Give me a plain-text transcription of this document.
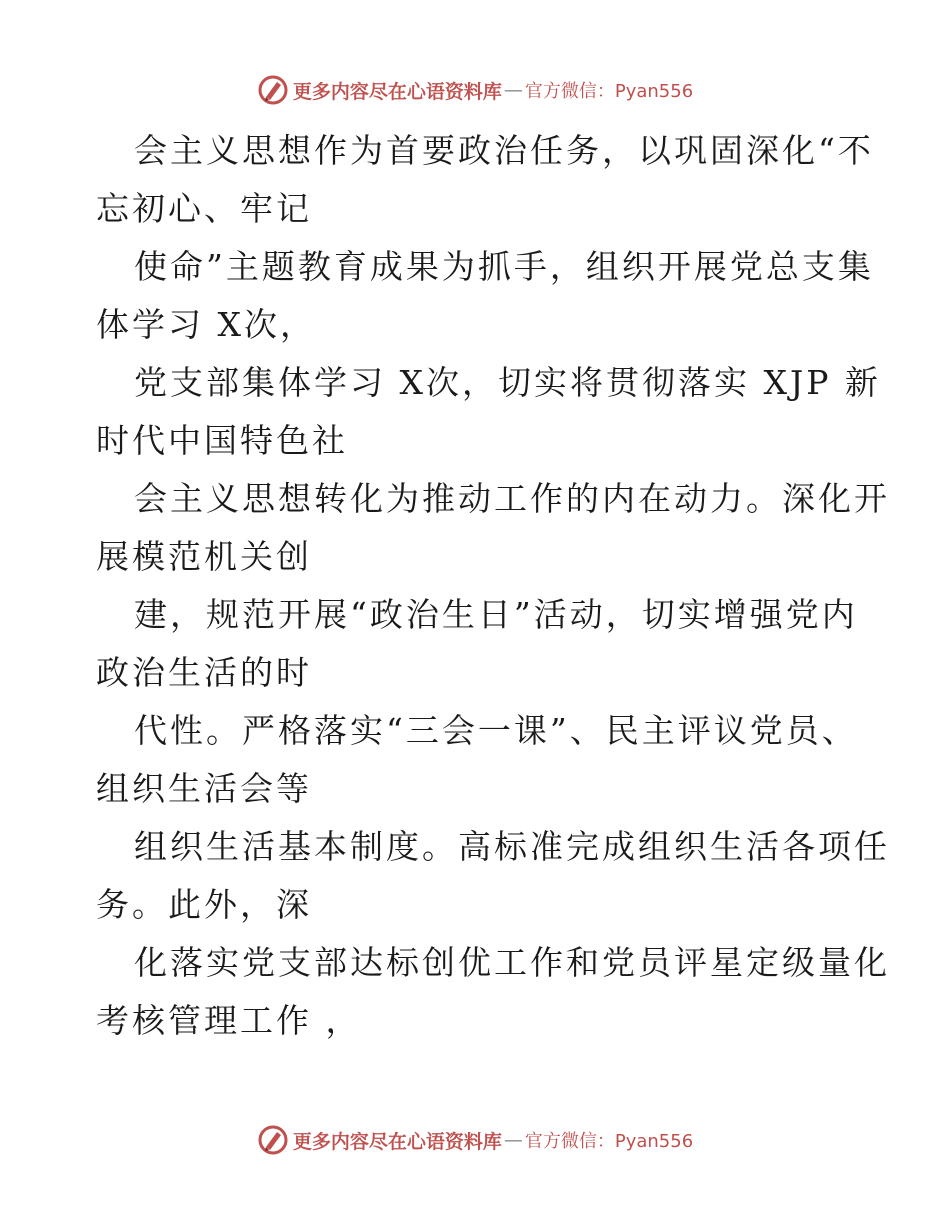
更多内容尽在心语资料库 — 官方微信：Pyan556

会主义思想作为首要政治任务，以巩固深化“不
忘初心、牢记

使命”主题教育成果为抓手，组织开展党总支集
体学习 X次，

党支部集体学习 X次，切实将贯彻落实 XJP 新
时代中国特色社

会主义思想转化为推动工作的内在动力。深化开
展模范机关创

建，规范开展“政治生日”活动，切实增强党内
政治生活的时

代性。严格落实“三会一课”、民主评议党员、
组织生活会等

组织生活基本制度。高标准完成组织生活各项任
务。此外，深

化落实党支部达标创优工作和党员评星定级量化
考核管理工作 ，

更多内容尽在心语资料库 — 官方微信：Pyan556
